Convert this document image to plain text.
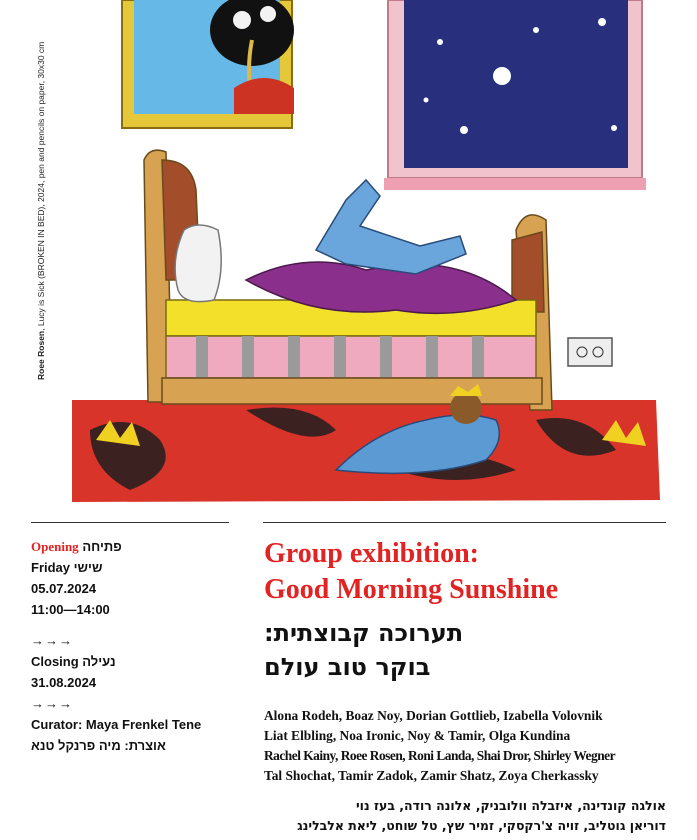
Roee Rosen, Lucy is Sick (BROKEN IN BED), 2024, pen and pencils on paper, 30x30 cm
Opening פתיחה
Friday שישי
05.07.2024
11:00—14:00
→→→
Closing נעילה
31.08.2024
→→→
Curator: Maya Frenkel Tene
אוצרת: מיה פרנקל טנא
Group exhibition:
Good Morning Sunshine
תערוכה קבוצתית:
בוקר טוב עולם
Alona Rodeh, Boaz Noy, Dorian Gottlieb, Izabella Volovnik
Liat Elbling, Noa Ironic, Noy & Tamir, Olga Kundina
Rachel Kainy, Roee Rosen, Roni Landa, Shai Dror, Shirley Wegner
Tal Shochat, Tamir Zadok, Zamir Shatz, Zoya Cherkassky
אולגה קונדינה, איזבלה וולובניק, אלונה רודה, בעז נוי
דוריאן גוטליב, זויה צ'רקסקי, זמיר שץ, טל שוחט, ליאת אלבלינג
